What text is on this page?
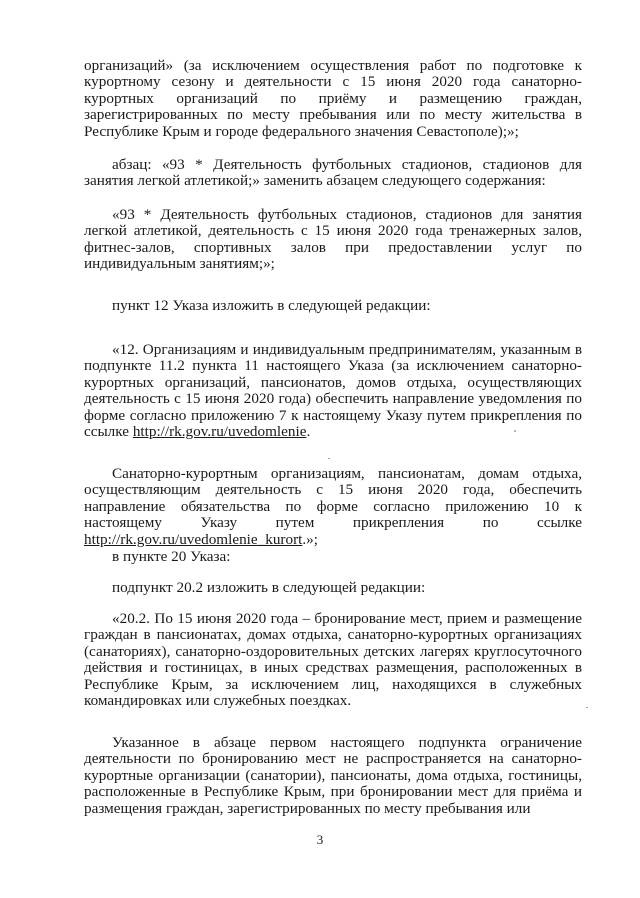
организаций» (за исключением осуществления работ по подготовке к курортному сезону и деятельности с 15 июня 2020 года санаторно-курортных организаций по приёму и размещению граждан, зарегистрированных по месту пребывания или по месту жительства в Республике Крым и городе федерального значения Севастополе);»;

абзац: «93 * Деятельность футбольных стадионов, стадионов для занятия легкой атлетикой;» заменить абзацем следующего содержания:

«93 * Деятельность футбольных стадионов, стадионов для занятия легкой атлетикой, деятельность с 15 июня 2020 года тренажерных залов, фитнес-залов, спортивных залов при предоставлении услуг по индивидуальным занятиям;»;

пункт 12 Указа изложить в следующей редакции:

«12. Организациям и индивидуальным предпринимателям, указанным в подпункте 11.2 пункта 11 настоящего Указа (за исключением санаторно-курортных организаций, пансионатов, домов отдыха, осуществляющих деятельность с 15 июня 2020 года) обеспечить направление уведомления по форме согласно приложению 7 к настоящему Указу путем прикрепления по ссылке http://rk.gov.ru/uvedomlenie.

Санаторно-курортным организациям, пансионатам, домам отдыха, осуществляющим деятельность с 15 июня 2020 года, обеспечить направление обязательства по форме согласно приложению 10 к настоящему Указу путем прикрепления по ссылке http://rk.gov.ru/uvedomlenie_kurort.»;

в пункте 20 Указа:

подпункт 20.2 изложить в следующей редакции:

«20.2. По 15 июня 2020 года – бронирование мест, прием и размещение граждан в пансионатах, домах отдыха, санаторно-курортных организациях (санаториях), санаторно-оздоровительных детских лагерях круглосуточного действия и гостиницах, в иных средствах размещения, расположенных в Республике Крым, за исключением лиц, находящихся в служебных командировках или служебных поездках.

Указанное в абзаце первом настоящего подпункта ограничение деятельности по бронированию мест не распространяется на санаторно-курортные организации (санатории), пансионаты, дома отдыха, гостиницы, расположенные в Республике Крым, при бронировании мест для приёма и размещения граждан, зарегистрированных по месту пребывания или

3
